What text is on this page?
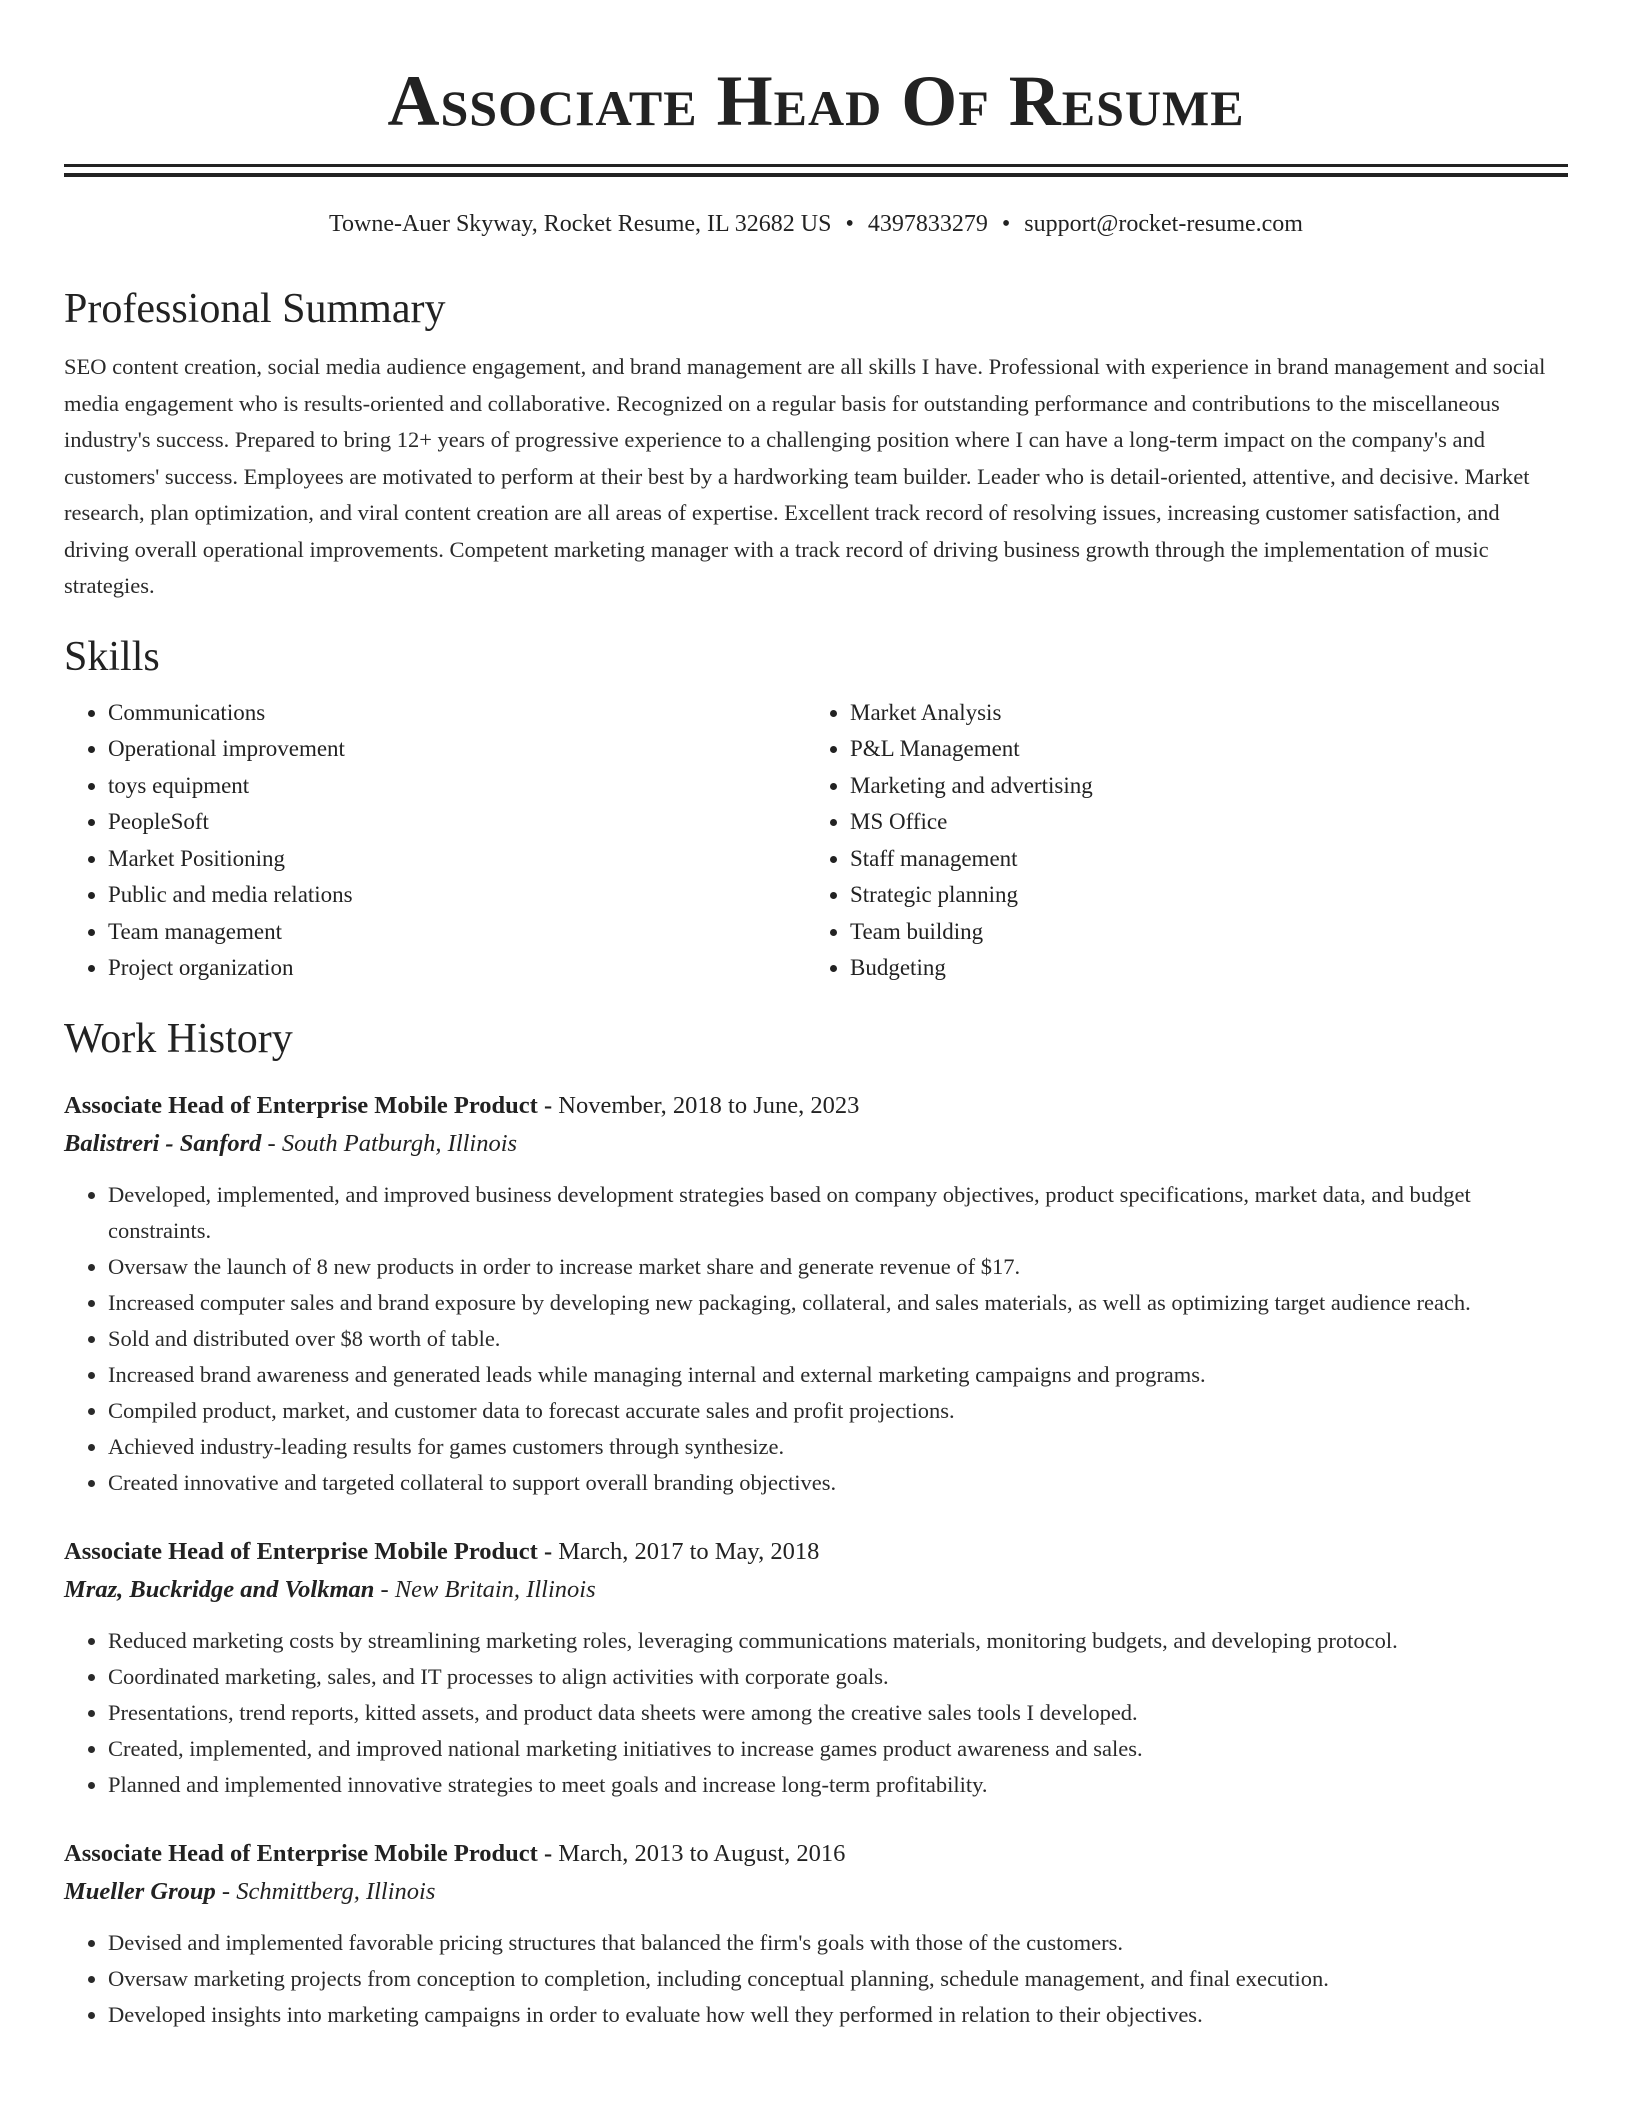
Associate Head Of Resume
Towne-Auer Skyway, Rocket Resume, IL 32682 US • 4397833279 • support@rocket-resume.com
Professional Summary

SEO content creation, social media audience engagement, and brand management are all skills I have. Professional with experience in brand management and social media engagement who is results-oriented and collaborative. Recognized on a regular basis for outstanding performance and contributions to the miscellaneous industry's success. Prepared to bring 12+ years of progressive experience to a challenging position where I can have a long-term impact on the company's and customers' success. Employees are motivated to perform at their best by a hardworking team builder. Leader who is detail-oriented, attentive, and decisive. Market research, plan optimization, and viral content creation are all areas of expertise. Excellent track record of resolving issues, increasing customer satisfaction, and driving overall operational improvements. Competent marketing manager with a track record of driving business growth through the implementation of music strategies.

Skills
• Communications
• Operational improvement
• toys equipment
• PeopleSoft
• Market Positioning
• Public and media relations
• Team management
• Project organization
• Market Analysis
• P&L Management
• Marketing and advertising
• MS Office
• Staff management
• Strategic planning
• Team building
• Budgeting
Work History
Associate Head of Enterprise Mobile Product - November, 2018 to June, 2023
Balistreri - Sanford - South Patburgh, Illinois
• Developed, implemented, and improved business development strategies based on company objectives, product specifications, market data, and budget constraints.
• Oversaw the launch of 8 new products in order to increase market share and generate revenue of $17.
• Increased computer sales and brand exposure by developing new packaging, collateral, and sales materials, as well as optimizing target audience reach.
• Sold and distributed over $8 worth of table.
• Increased brand awareness and generated leads while managing internal and external marketing campaigns and programs.
• Compiled product, market, and customer data to forecast accurate sales and profit projections.
• Achieved industry-leading results for games customers through synthesize.
• Created innovative and targeted collateral to support overall branding objectives.
Associate Head of Enterprise Mobile Product - March, 2017 to May, 2018
Mraz, Buckridge and Volkman - New Britain, Illinois
• Reduced marketing costs by streamlining marketing roles, leveraging communications materials, monitoring budgets, and developing protocol.
• Coordinated marketing, sales, and IT processes to align activities with corporate goals.
• Presentations, trend reports, kitted assets, and product data sheets were among the creative sales tools I developed.
• Created, implemented, and improved national marketing initiatives to increase games product awareness and sales.
• Planned and implemented innovative strategies to meet goals and increase long-term profitability.
Associate Head of Enterprise Mobile Product - March, 2013 to August, 2016
Mueller Group - Schmittberg, Illinois
• Devised and implemented favorable pricing structures that balanced the firm's goals with those of the customers.
• Oversaw marketing projects from conception to completion, including conceptual planning, schedule management, and final execution.
• Developed insights into marketing campaigns in order to evaluate how well they performed in relation to their objectives.
